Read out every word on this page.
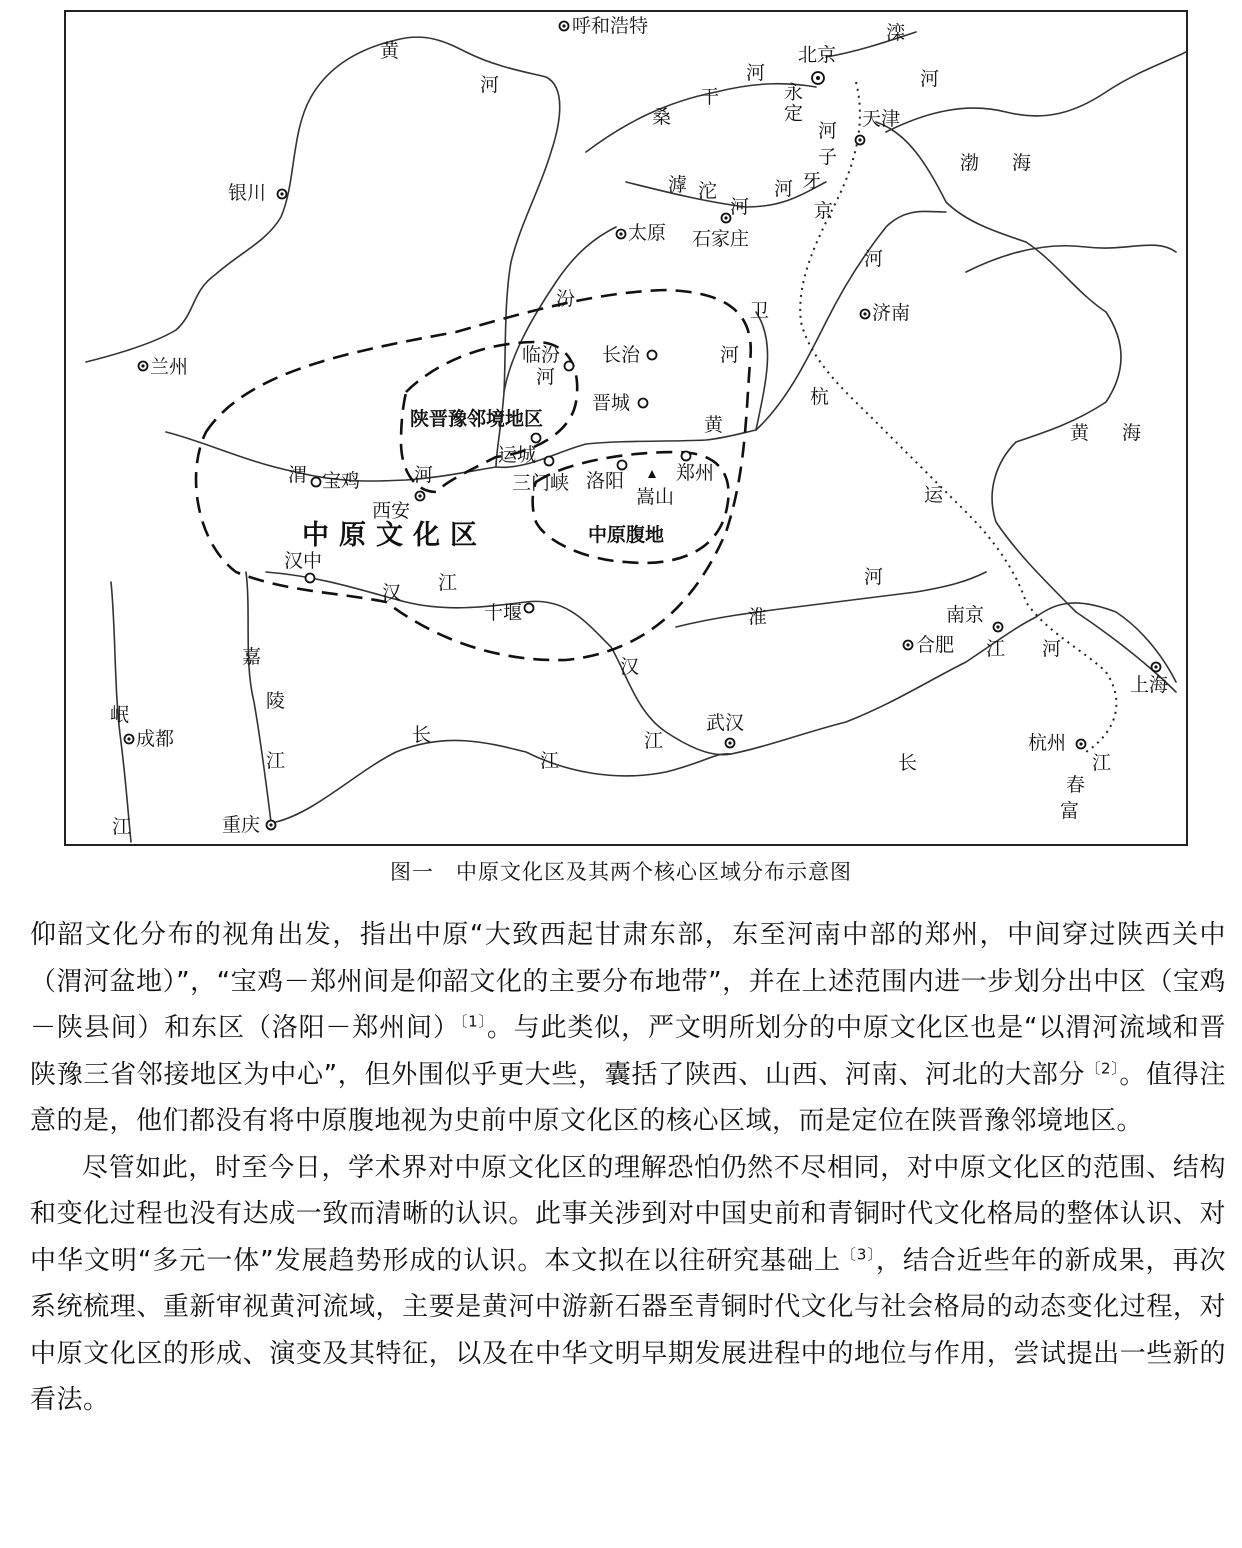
呼和浩特
北京
天津
银川
太原 石家庄
济南
兰州
临汾 长治
晋城
运城
三门峡 洛阳	郑州
嵩山
宝鸡
西安
汉中
十堰	南京
合肥
上海
武汉
成都
重庆
杭州
中原文化区
陕晋豫邻境地区
中原腹地
黄
河
桑
干
河
永定
河
滦
河
子
牙
滹 沱
河
河
京
河
杭
运
渤 海
黄 海
汾
河
卫
河
黄
渭	河
汉 江
汉
江
淮
河
江 河
长
江	长
嘉
陵
江
岷
江
江
春
富
图一　中原文化区及其两个核心区域分布示意图

仰韶文化分布的视角出发，指出中原“大致西起甘肃东部，东至河南中部的郑州，中间穿过陕西关中（渭河盆地）”，“宝鸡－郑州间是仰韶文化的主要分布地带”，并在上述范围内进一步划分出中区（宝鸡－陕县间）和东区（洛阳－郑州间）$^{〔1〕}$。与此类似，严文明所划分的中原文化区也是“以渭河流域和晋陕豫三省邻接地区为中心”，但外围似乎更大些，囊括了陕西、山西、河南、河北的大部分$^{〔2〕}$。值得注意的是，他们都没有将中原腹地视为史前中原文化区的核心区域，而是定位在陕晋豫邻境地区。

尽管如此，时至今日，学术界对中原文化区的理解恐怕仍然不尽相同，对中原文化区的范围、结构和变化过程也没有达成一致而清晰的认识。此事关涉到对中国史前和青铜时代文化格局的整体认识、对中华文明“多元一体”发展趋势形成的认识。本文拟在以往研究基础上$^{〔3〕}$，结合近些年的新成果，再次系统梳理、重新审视黄河流域，主要是黄河中游新石器至青铜时代文化与社会格局的动态变化过程，对中原文化区的形成、演变及其特征，以及在中华文明早期发展进程中的地位与作用，尝试提出一些新的看法。
